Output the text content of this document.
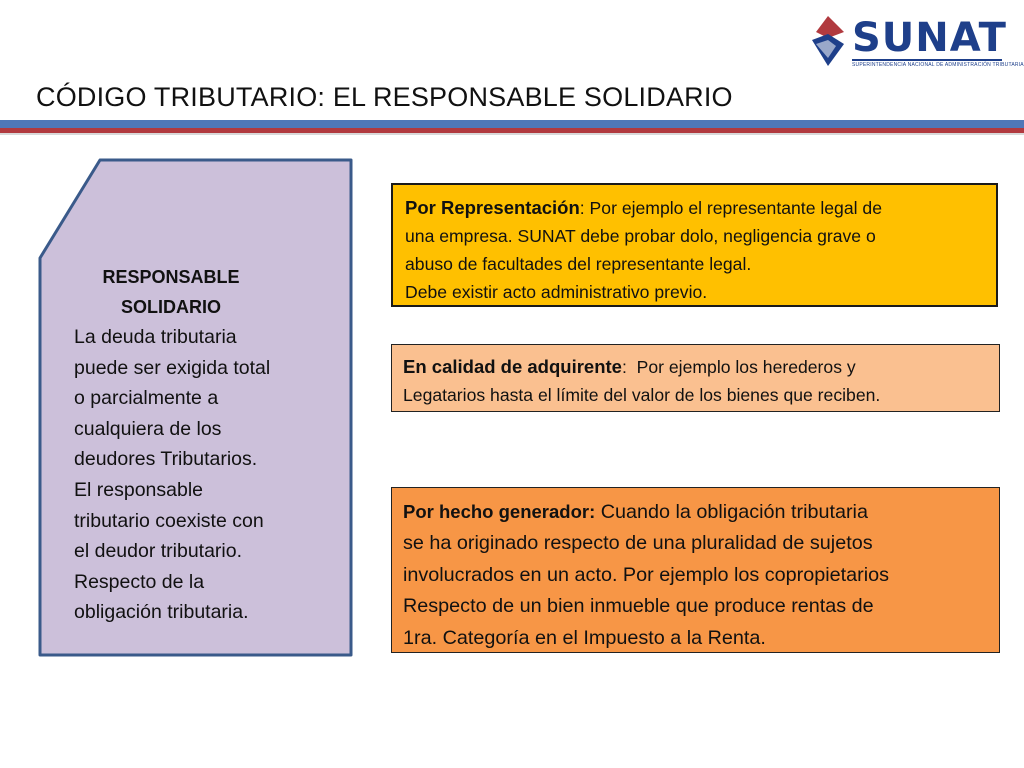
SUNAT
SUPERINTENDENCIA NACIONAL DE ADMINISTRACIÓN TRIBUTARIA
CÓDIGO TRIBUTARIO: EL RESPONSABLE SOLIDARIO
RESPONSABLE
SOLIDARIO
La deuda tributaria
puede ser exigida total
o parcialmente a
cualquiera de los
deudores Tributarios.
El responsable
tributario coexiste con
el deudor tributario.
Respecto de la
obligación tributaria.
Por Representación: Por ejemplo el representante legal de
una empresa. SUNAT debe probar dolo, negligencia grave o
abuso de facultades del representante legal.
Debe existir acto administrativo previo.
En calidad de adquirente:  Por ejemplo los herederos y
Legatarios hasta el límite del valor de los bienes que reciben.
Por hecho generador: Cuando la obligación tributaria
se ha originado respecto de una pluralidad de sujetos
involucrados en un acto. Por ejemplo los copropietarios
Respecto de un bien inmueble que produce rentas de
1ra. Categoría en el Impuesto a la Renta.
